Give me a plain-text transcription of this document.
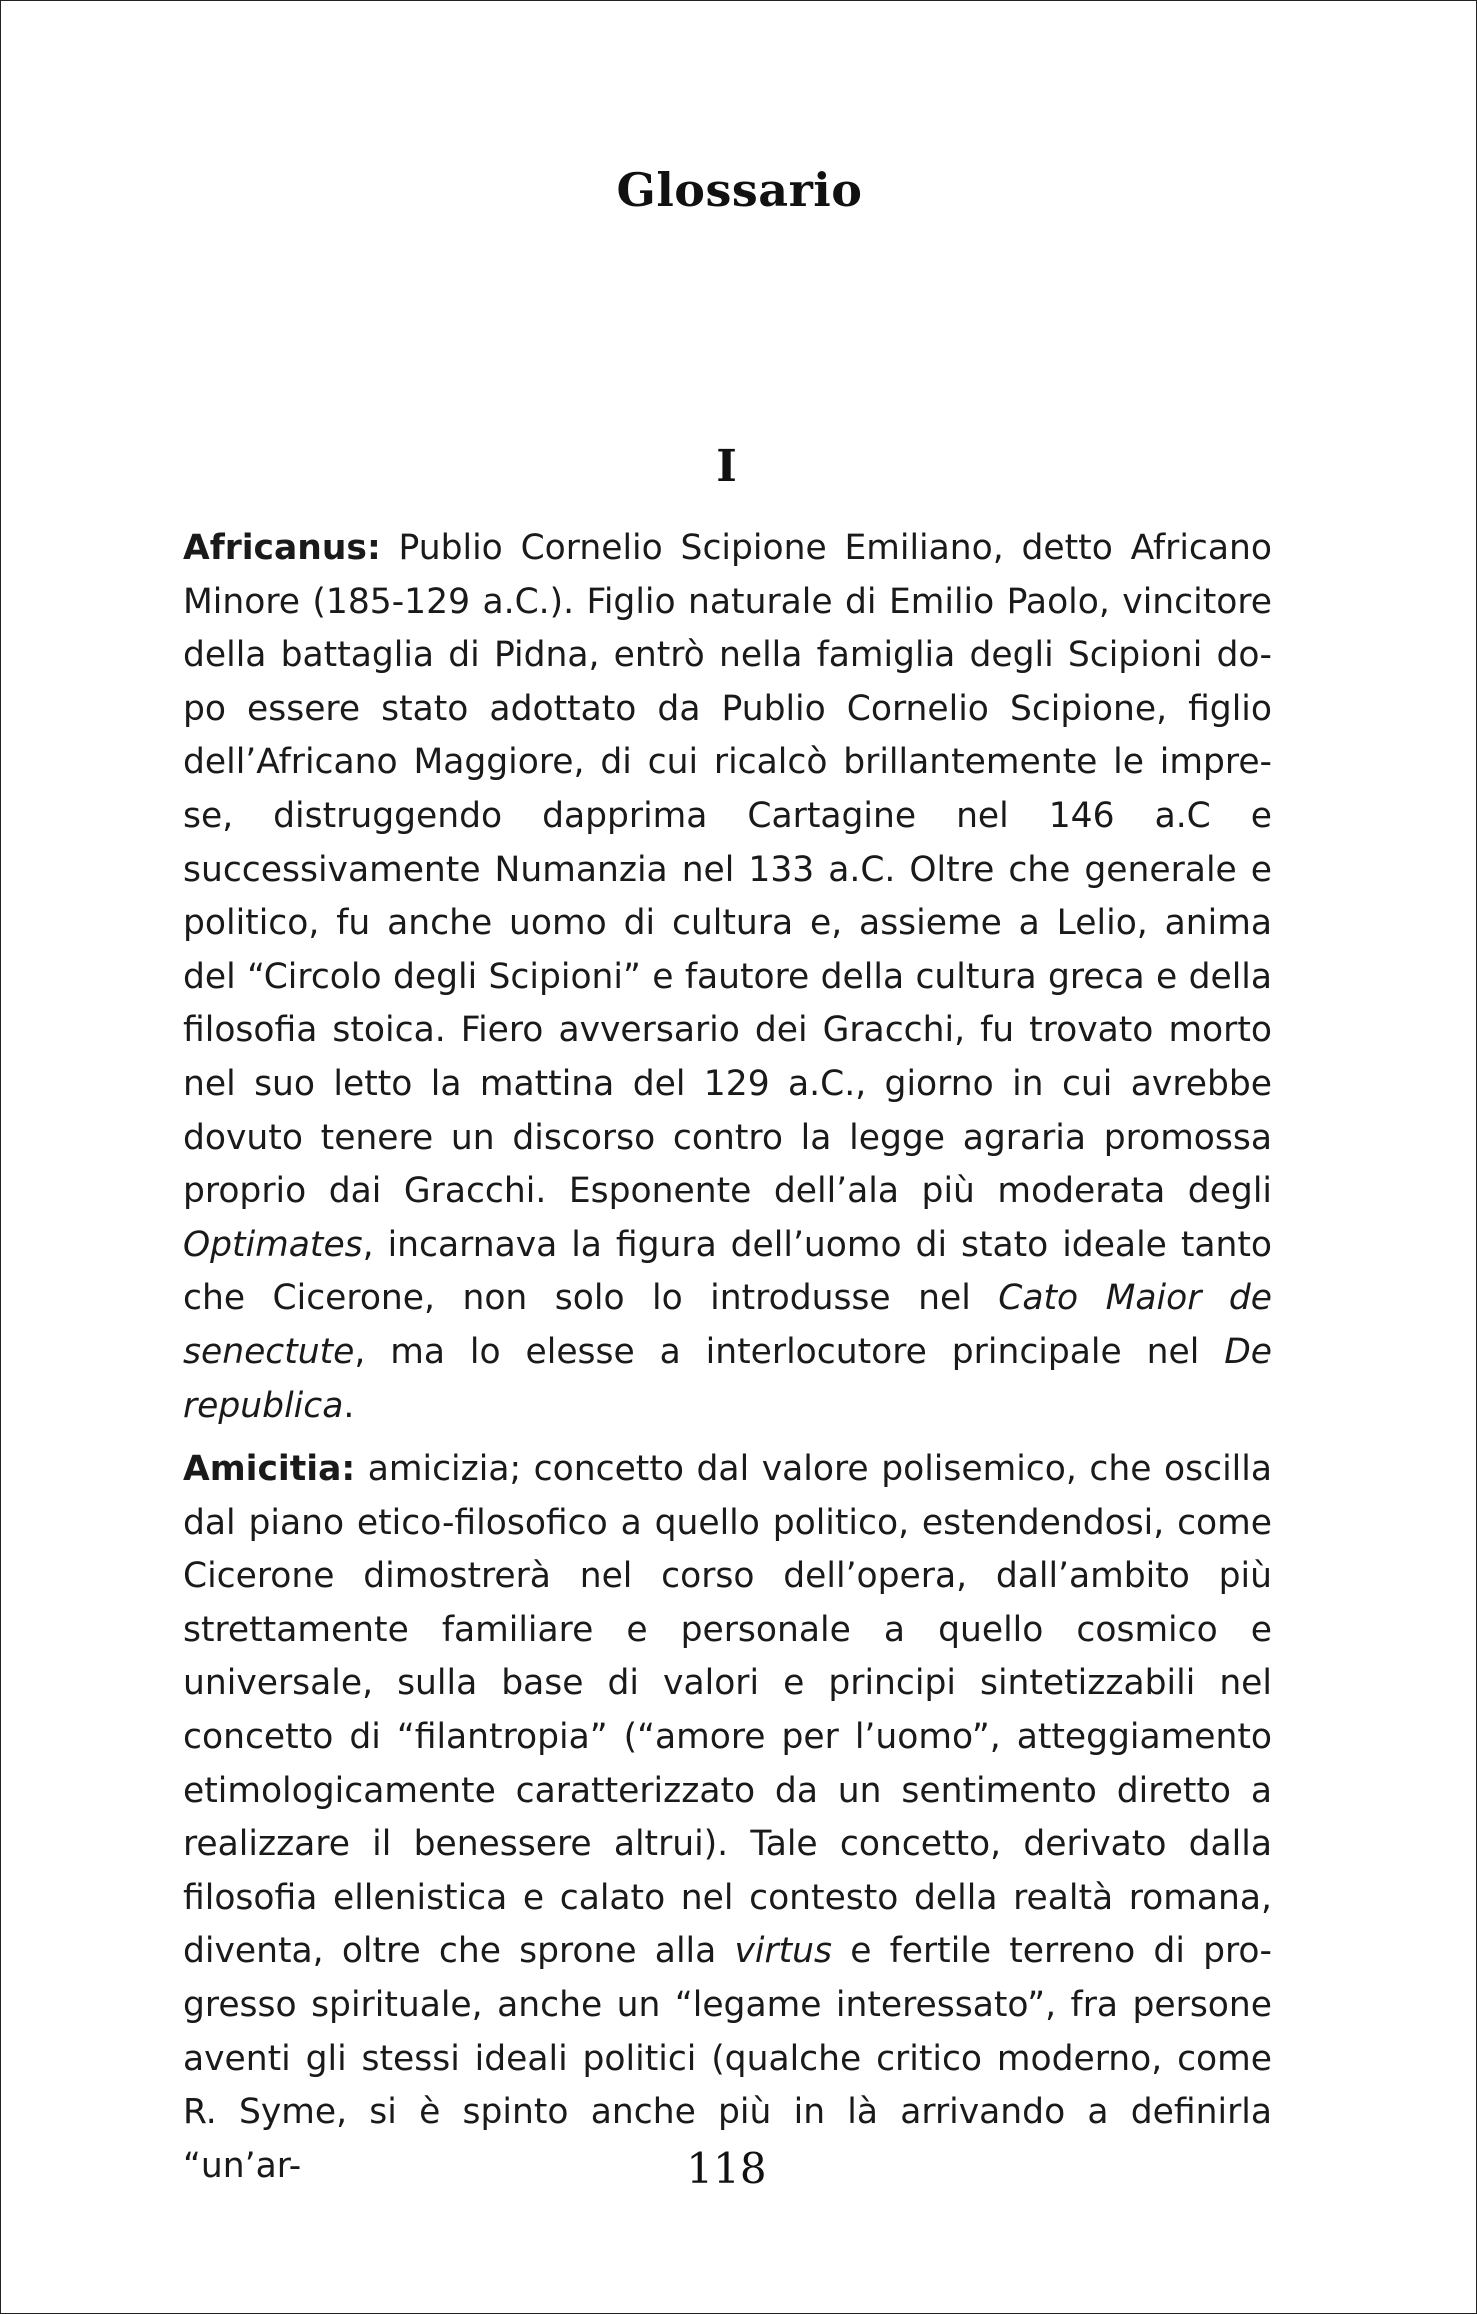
Glossario
I

Africanus: Publio Cornelio Scipione Emiliano, detto Africano Minore (185-129 a.C.). Figlio naturale di Emilio Paolo, vincitore della battaglia di Pidna, entrò nella famiglia degli Scipioni dopo essere stato adottato da Publio Cornelio Scipione, figlio dell’Africano Maggiore, di cui ricalcò brillantemente le imprese, distruggendo dapprima Cartagine nel 146 a.C e successivamente Numanzia nel 133 a.C. Oltre che generale e politico, fu anche uomo di cultura e, assieme a Lelio, anima del “Circolo degli Scipioni” e fautore della cultura greca e della filosofia stoica. Fiero avversario dei Gracchi, fu trovato morto nel suo letto la mattina del 129 a.C., giorno in cui avrebbe dovuto tenere un discorso contro la legge agraria promossa proprio dai Gracchi. Esponente dell’ala più moderata degli Optimates, incarnava la figura dell’uomo di stato ideale tanto che Cicerone, non solo lo introdusse nel Cato Maior de senectute, ma lo elesse a interlocutore principale nel De republica.

Amicitia: amicizia; concetto dal valore polisemico, che oscilla dal piano etico-filosofico a quello politico, estendendosi, come Cicerone dimostrerà nel corso dell’opera, dall’ambito più strettamente familiare e personale a quello cosmico e universale, sulla base di valori e principi sintetizzabili nel concetto di “filantropia” (“amore per l’uomo”, atteggiamento etimologicamente caratterizzato da un sentimento diretto a realizzare il benessere altrui). Tale concetto, derivato dalla filosofia ellenistica e calato nel contesto della realtà romana, diventa, oltre che sprone alla virtus e fertile terreno di progresso spirituale, anche un “legame interessato”, fra persone aventi gli stessi ideali politici (qualche critico moderno, come R. Syme, si è spinto anche più in là arrivando a definirla “un’ar-	118
